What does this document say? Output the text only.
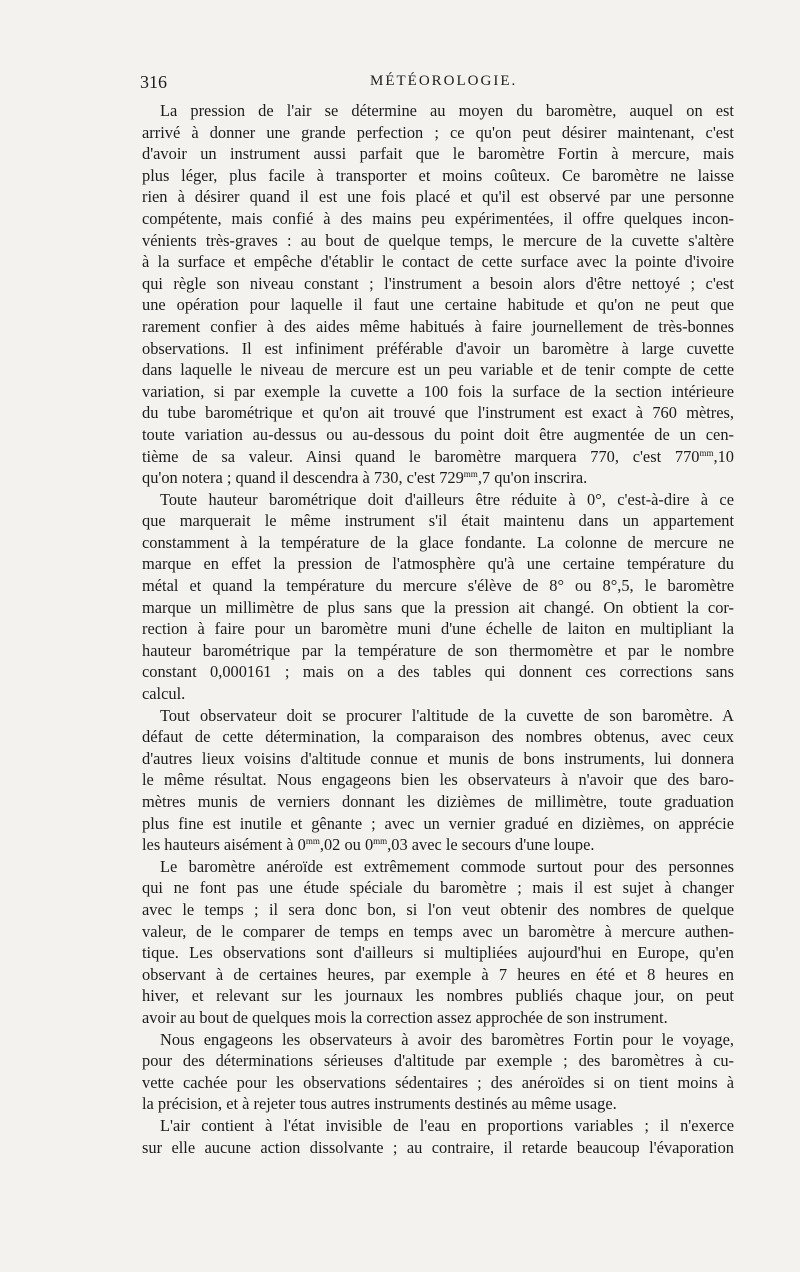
316	MÉTÉOROLOGIE.
La pression de l'air se détermine au moyen du baromètre, auquel on est
arrivé à donner une grande perfection ; ce qu'on peut désirer maintenant, c'est
d'avoir un instrument aussi parfait que le baromètre Fortin à mercure, mais
plus léger, plus facile à transporter et moins coûteux. Ce baromètre ne laisse
rien à désirer quand il est une fois placé et qu'il est observé par une personne
compétente, mais confié à des mains peu expérimentées, il offre quelques incon-
vénients très-graves : au bout de quelque temps, le mercure de la cuvette s'altère
à la surface et empêche d'établir le contact de cette surface avec la pointe d'ivoire
qui règle son niveau constant ; l'instrument a besoin alors d'être nettoyé ; c'est
une opération pour laquelle il faut une certaine habitude et qu'on ne peut que
rarement confier à des aides même habitués à faire journellement de très-bonnes
observations. Il est infiniment préférable d'avoir un baromètre à large cuvette
dans laquelle le niveau de mercure est un peu variable et de tenir compte de cette
variation, si par exemple la cuvette a 100 fois la surface de la section intérieure
du tube barométrique et qu'on ait trouvé que l'instrument est exact à 760 mètres,
toute variation au-dessus ou au-dessous du point doit être augmentée de un cen-
tième de sa valeur. Ainsi quand le baromètre marquera 770, c'est $770^{mm},10$
qu'on notera ; quand il descendra à 730, c'est $729^{mm},7$ qu'on inscrira.
Toute hauteur barométrique doit d'ailleurs être réduite à 0°, c'est-à-dire à ce
que marquerait le même instrument s'il était maintenu dans un appartement
constamment à la température de la glace fondante. La colonne de mercure ne
marque en effet la pression de l'atmosphère qu'à une certaine température du
métal et quand la température du mercure s'élève de 8° ou 8°,5, le baromètre
marque un millimètre de plus sans que la pression ait changé. On obtient la cor-
rection à faire pour un baromètre muni d'une échelle de laiton en multipliant la
hauteur barométrique par la température de son thermomètre et par le nombre
constant 0,000161 ; mais on a des tables qui donnent ces corrections sans
calcul.
Tout observateur doit se procurer l'altitude de la cuvette de son baromètre. A
défaut de cette détermination, la comparaison des nombres obtenus, avec ceux
d'autres lieux voisins d'altitude connue et munis de bons instruments, lui donnera
le même résultat. Nous engageons bien les observateurs à n'avoir que des baro-
mètres munis de verniers donnant les dizièmes de millimètre, toute graduation
plus fine est inutile et gênante ; avec un vernier gradué en dizièmes, on apprécie
les hauteurs aisément à $0^{mm},02$ ou $0^{mm},03$ avec le secours d'une loupe.
Le baromètre anéroïde est extrêmement commode surtout pour des personnes
qui ne font pas une étude spéciale du baromètre ; mais il est sujet à changer
avec le temps ; il sera donc bon, si l'on veut obtenir des nombres de quelque
valeur, de le comparer de temps en temps avec un baromètre à mercure authen-
tique. Les observations sont d'ailleurs si multipliées aujourd'hui en Europe, qu'en
observant à de certaines heures, par exemple à 7 heures en été et 8 heures en
hiver, et relevant sur les journaux les nombres publiés chaque jour, on peut
avoir au bout de quelques mois la correction assez approchée de son instrument.
Nous engageons les observateurs à avoir des baromètres Fortin pour le voyage,
pour des déterminations sérieuses d'altitude par exemple ; des baromètres à cu-
vette cachée pour les observations sédentaires ; des anéroïdes si on tient moins à
la précision, et à rejeter tous autres instruments destinés au même usage.
L'air contient à l'état invisible de l'eau en proportions variables ; il n'exerce
sur elle aucune action dissolvante ; au contraire, il retarde beaucoup l'évaporation
